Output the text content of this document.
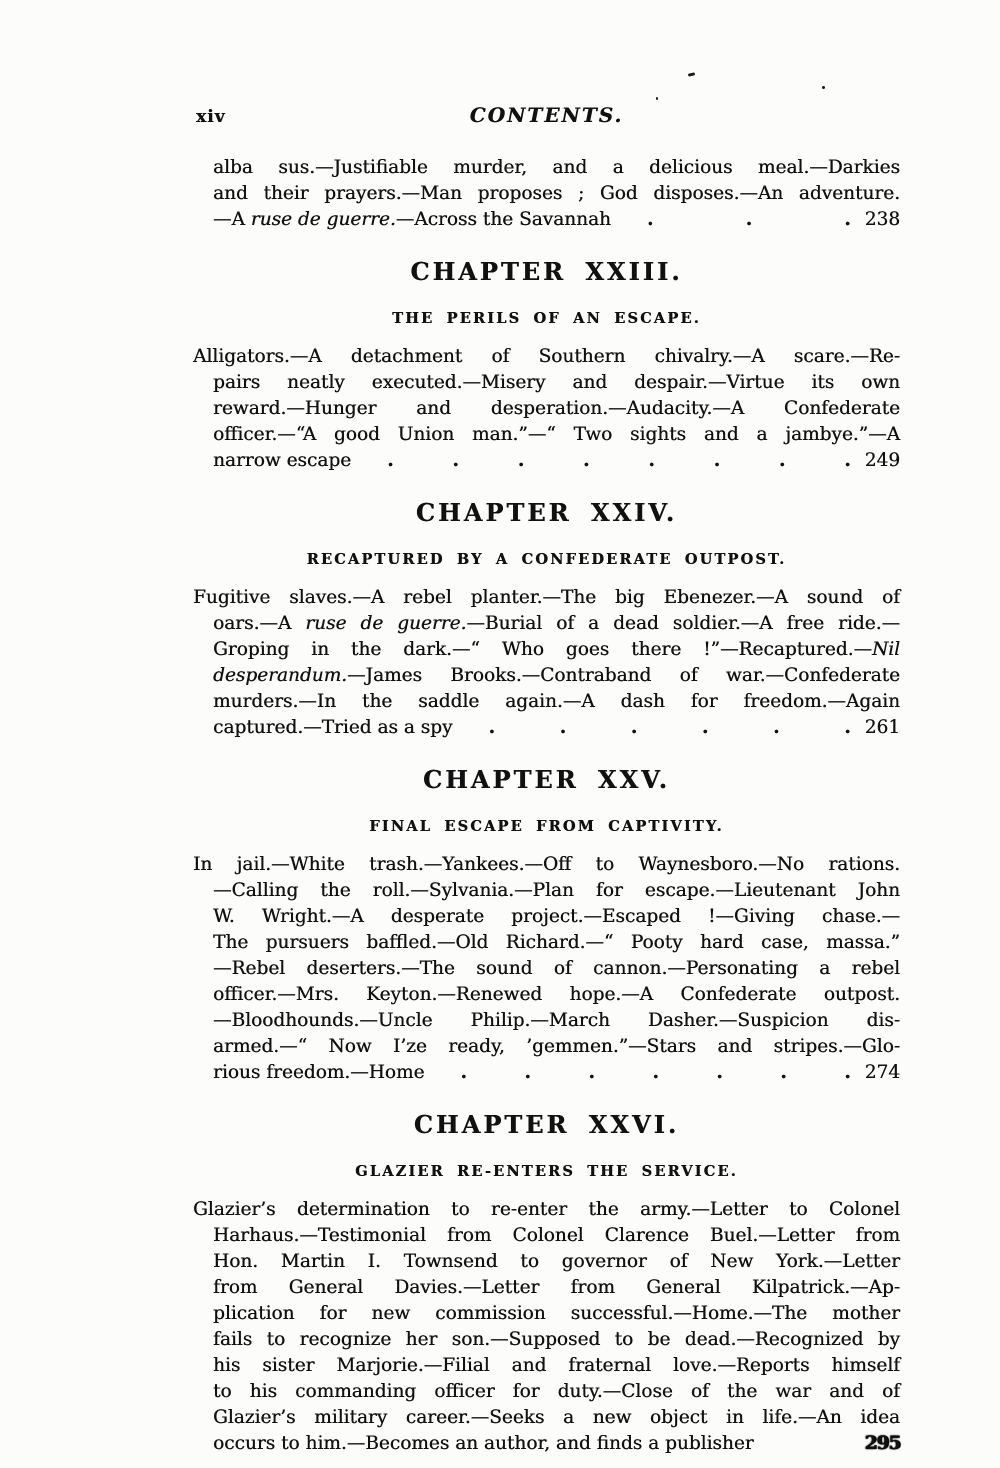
xiv	CONTENTS.
alba sus.—Justifiable murder, and a delicious meal.—Darkies
and their prayers.—Man proposes ; God disposes.—An adventure.
—A ruse de guerre.—Across the Savannah	. . . 238
CHAPTER XXIII.
THE PERILS OF AN ESCAPE.
Alligators.—A detachment of Southern chivalry.—A scare.—Re-
pairs neatly executed.—Misery and despair.—Virtue its own
reward.—Hunger and desperation.—Audacity.—A Confederate
officer.—“A good Union man.”—“ Two sights and a jambye.”—A
narrow escape	. . . . . . . . 249
CHAPTER XXIV.
RECAPTURED BY A CONFEDERATE OUTPOST.
Fugitive slaves.—A rebel planter.—The big Ebenezer.—A sound of
oars.—A ruse de guerre.—Burial of a dead soldier.—A free ride.—
Groping in the dark.—“ Who goes there !”—Recaptured.—Nil
desperandum.—James Brooks.—Contraband of war.—Confederate
murders.—In the saddle again.—A dash for freedom.—Again
captured.—Tried as a spy	. . . . . . 261
CHAPTER XXV.
FINAL ESCAPE FROM CAPTIVITY.
In jail.—White trash.—Yankees.—Off to Waynesboro.—No rations.
—Calling the roll.—Sylvania.—Plan for escape.—Lieutenant John
W. Wright.—A desperate project.—Escaped !—Giving chase.—
The pursuers baffled.—Old Richard.—“ Pooty hard case, massa.”
—Rebel deserters.—The sound of cannon.—Personating a rebel
officer.—Mrs. Keyton.—Renewed hope.—A Confederate outpost.
—Bloodhounds.—Uncle Philip.—March Dasher.—Suspicion dis-
armed.—“ Now I’ze ready, ’gemmen.”—Stars and stripes.—Glo-
rious freedom.—Home	. . . . . . . 274
CHAPTER XXVI.
GLAZIER RE-ENTERS THE SERVICE.
Glazier’s determination to re-enter the army.—Letter to Colonel
Harhaus.—Testimonial from Colonel Clarence Buel.—Letter from
Hon. Martin I. Townsend to governor of New York.—Letter
from General Davies.—Letter from General Kilpatrick.—Ap-
plication for new commission successful.—Home.—The mother
fails to recognize her son.—Supposed to be dead.—Recognized by
his sister Marjorie.—Filial and fraternal love.—Reports himself
to his commanding officer for duty.—Close of the war and of
Glazier’s military career.—Seeks a new object in life.—An idea
occurs to him.—Becomes an author, and finds a publisher	295
